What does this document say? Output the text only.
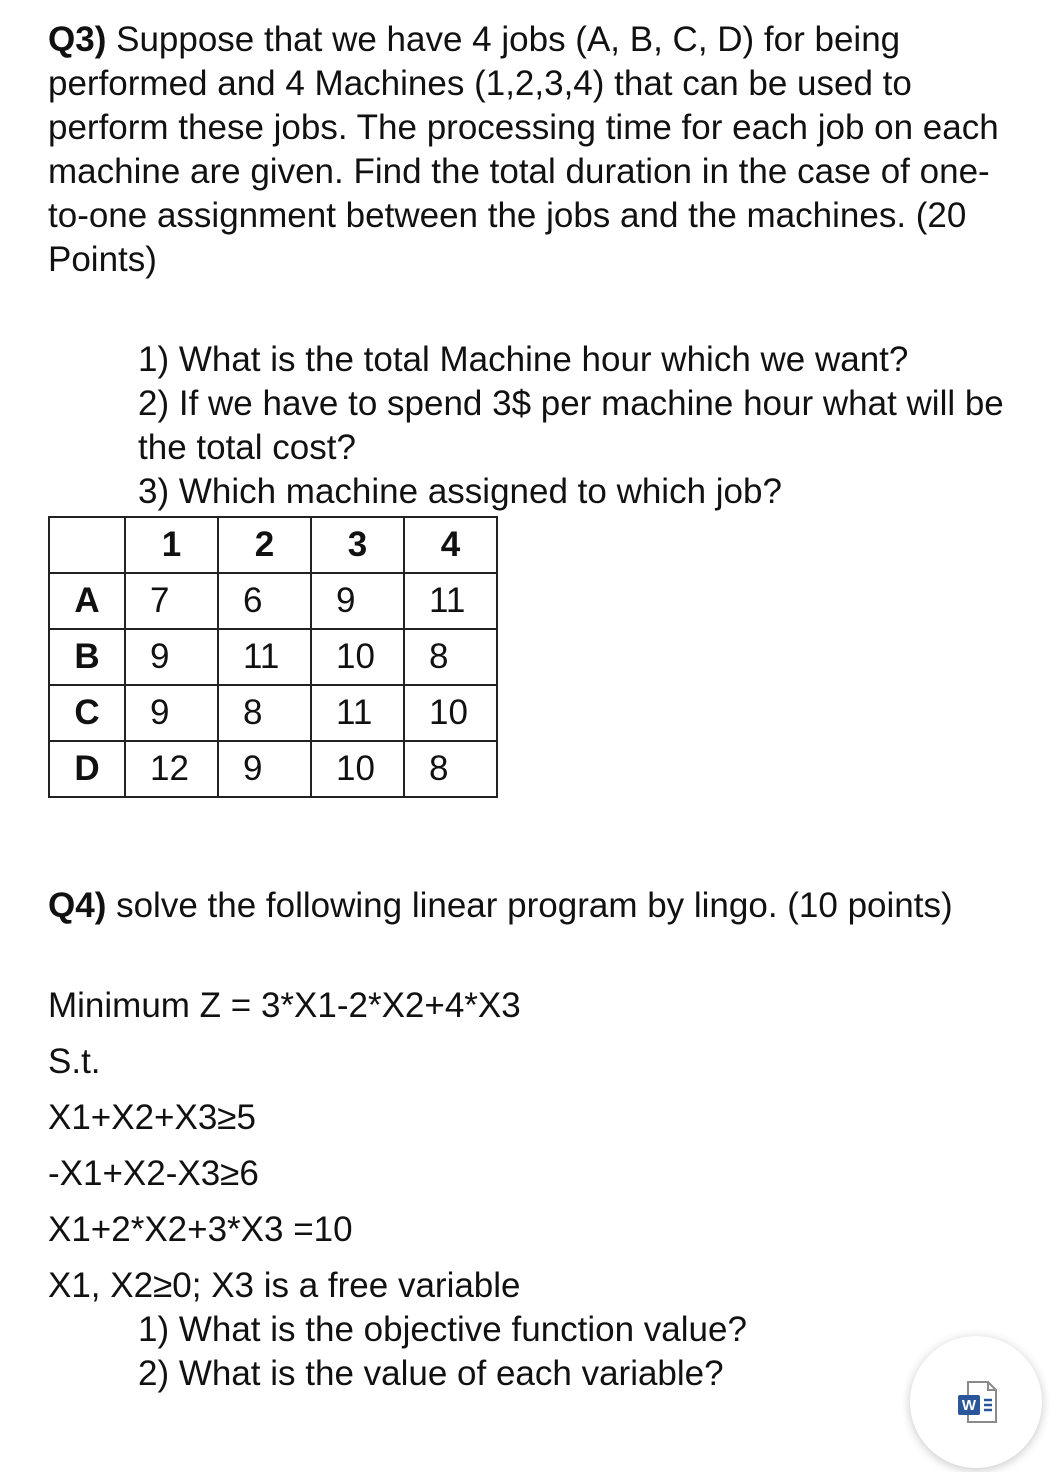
Q3) Suppose that we have 4 jobs (A, B, C, D) for being performed and 4 Machines (1,2,3,4) that can be used to perform these jobs. The processing time for each job on each machine are given. Find the total duration in the case of one-to-one assignment between the jobs and the machines. (20 Points)
1) What is the total Machine hour which we want?
2) If we have to spend 3$ per machine hour what will be the total cost?
3) Which machine assigned to which job?
	1	2	3	4
A	7	6	9	11
B	9	11	10	8
C	9	8	11	10
D	12	9	10	8
Q4) solve the following linear program by lingo. (10 points)
Minimum Z = 3*X1-2*X2+4*X3
S.t.
X1+X2+X3≥5
-X1+X2-X3≥6
X1+2*X2+3*X3 =10
X1, X2≥0; X3 is a free variable
1) What is the objective function value?
2) What is the value of each variable?
W
